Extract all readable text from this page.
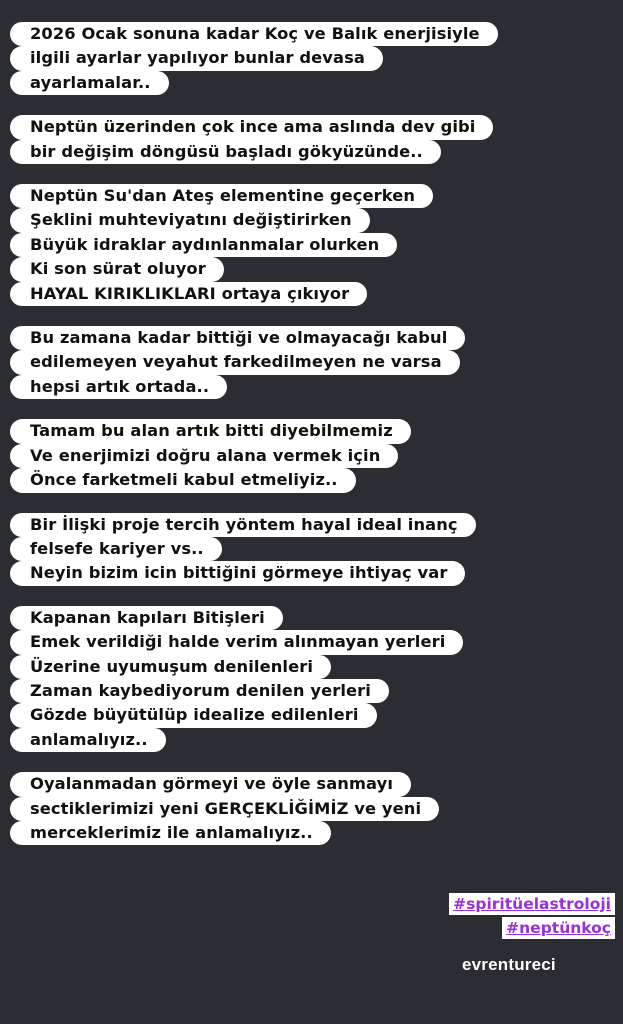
2026 Ocak sonuna kadar Koç ve Balık enerjisiyle
ilgili ayarlar yapılıyor bunlar devasa
ayarlamalar..
Neptün üzerinden çok ince ama aslında dev gibi
bir değişim döngüsü başladı gökyüzünde..
Neptün Su'dan Ateş elementine geçerken
Şeklini muhteviyatını değiştirirken
Büyük idraklar aydınlanmalar olurken
Ki son sürat oluyor
HAYAL KIRIKLIKLARI ortaya çıkıyor
Bu zamana kadar bittiği ve olmayacağı kabul
edilemeyen veyahut farkedilmeyen ne varsa
hepsi artık ortada..
Tamam bu alan artık bitti diyebilmemiz
Ve enerjimizi doğru alana vermek için
Önce farketmeli kabul etmeliyiz..
Bir İlişki proje tercih yöntem hayal ideal inanç
felsefe kariyer vs..
Neyin bizim icin bittiğini görmeye ihtiyaç var
Kapanan kapıları Bitişleri
Emek verildiği halde verim alınmayan yerleri
Üzerine uyumuşum denilenleri
Zaman kaybediyorum denilen yerleri
Gözde büyütülüp idealize edilenleri
anlamalıyız..
Oyalanmadan görmeyi ve öyle sanmayı
sectiklerimizi yeni GERÇEKLİĞİMİZ ve yeni
merceklerimiz ile anlamalıyız..
#spiritüelastroloji
#neptünkoç
evrentureci
